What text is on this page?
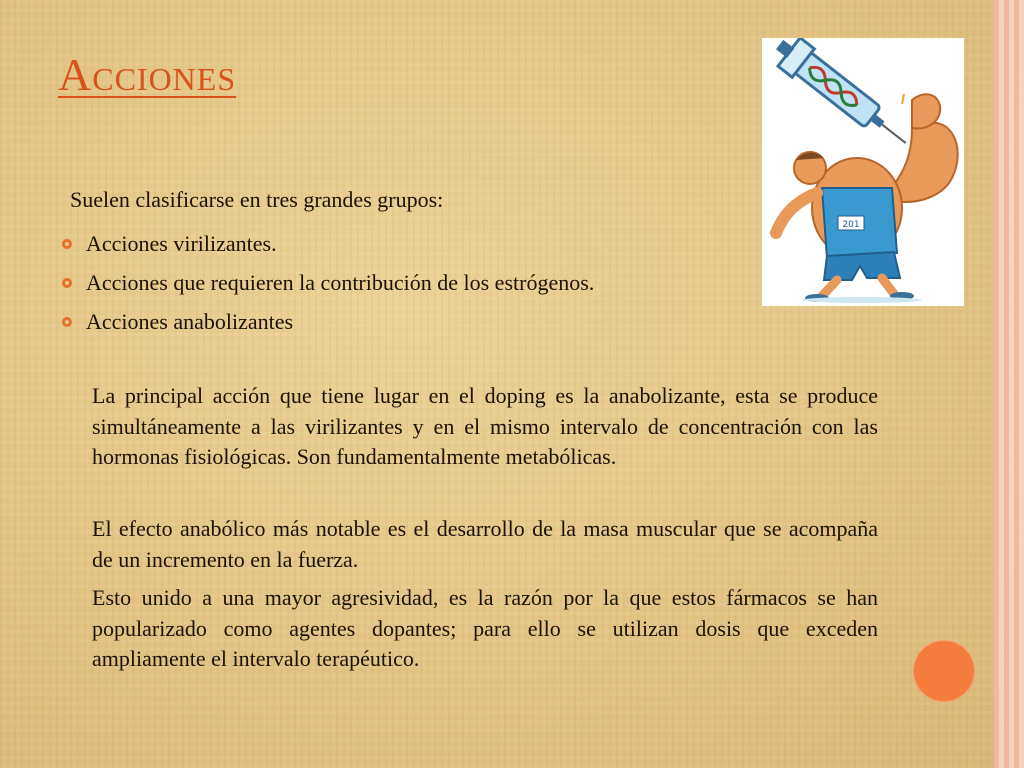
Acciones
Suelen clasificarse en tres grandes grupos:
Acciones virilizantes.
Acciones que requieren la contribución de los estrógenos.
Acciones anabolizantes

La principal acción que tiene lugar en el doping es la anabolizante, esta se produce simultáneamente a las virilizantes y en el mismo intervalo de concentración con las hormonas fisiológicas. Son fundamentalmente metabólicas.

El efecto anabólico más notable es el desarrollo de la masa muscular que se acompaña de un incremento en la fuerza.

Esto unido a una mayor agresividad, es la razón por la que estos fármacos se han popularizado como agentes dopantes; para ello se utilizan dosis que exceden ampliamente el intervalo terapéutico.

201
